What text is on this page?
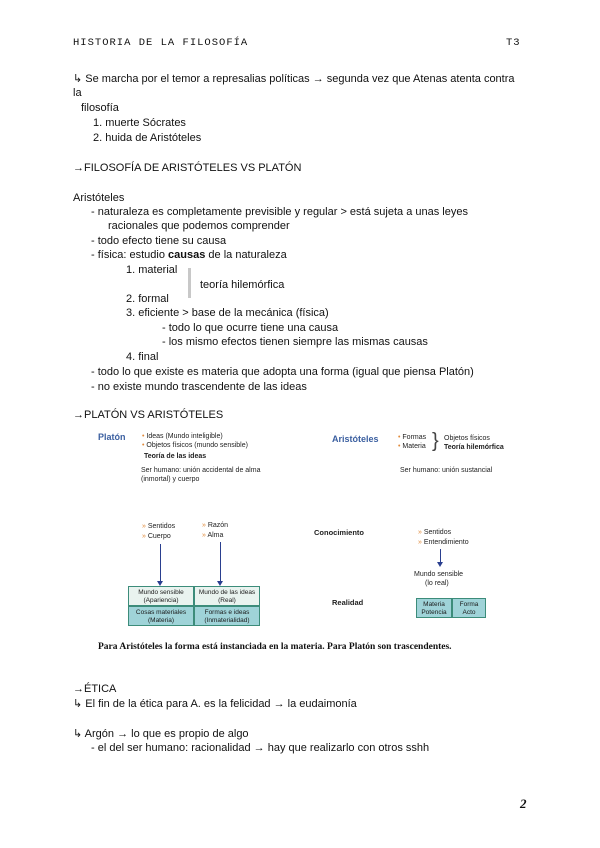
HISTORIA DE LA FILOSOFÍA	T3
↳ Se marcha por el temor a represalias políticas → segunda vez que Atenas atenta contra
la
filosofía
1. muerte Sócrates
2. huida de Aristóteles
→FILOSOFÍA DE ARISTÓTELES VS PLATÓN
Aristóteles
- naturaleza es completamente previsible y regular > está sujeta a unas leyes
racionales que podemos comprender
- todo efecto tiene su causa
- física: estudio causas de la naturaleza
1. material
teoría hilemórfica
2. formal
3. eficiente > base de la mecánica (física)
- todo lo que ocurre tiene una causa
- los mismo efectos tienen siempre las mismas causas
4. final
- todo lo que existe es materia que adopta una forma (igual que piensa Platón)
- no existe mundo trascendente de las ideas
→PLATÓN VS ARISTÓTELES
Platón • Ideas (Mundo inteligible)
• Objetos físicos (mundo sensible)
Teoría de las ideas
Ser humano: unión accidental de alma
(inmortal) y cuerpo
Aristóteles	• Formas
• Materia } Objetos físicos
Teoría hilemórfica
Ser humano: unión sustancial
» Sentidos
» Cuerpo
» Razón
» Alma	Conocimiento	» Sentidos
» Entendimiento
Mundo sensible
(lo real)
Realidad
Mundo sensible
(Apariencia)
Mundo de las ideas
(Real)
Cosas materiales
(Materia)
Formas e ideas
(Inmaterialidad)
Materia
Potencia
Forma
Acto
Para Aristóteles la forma está instanciada en la materia. Para Platón son trascendentes.
→ÉTICA
↳ El fin de la ética para A. es la felicidad → la eudaimonía
↳ Argón → lo que es propio de algo
- el del ser humano: racionalidad → hay que realizarlo con otros sshh
2
